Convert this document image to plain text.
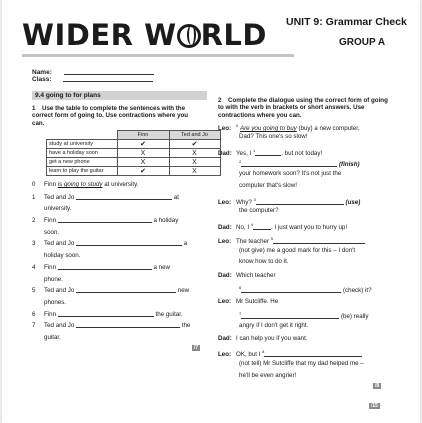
WIDER W RLD UNIT 9: Grammar Check
GROUP A
Name:
Class:
9.4 going to for plans
1 Use the table to complete the sentences with the correct form of going to. Use contractions where you can.
	Finn	Ted and Jo
study at university	✔	✔
have a holiday soon	X	X
get a new phone	X	X
learn to play the guitar	✔	X
0 Finn is going to study at university.
1 Ted and Jo	at
university.
2 Finn	a holiday
soon.
3 Ted and Jo	a
holiday soon.
4 Finn	a new
phone.
5 Ted and Jo	new
phones.
6 Finn	the guitar.
7 Ted and Jo	the
guitar.
/7
2 Complete the dialogue using the correct form of going to with the verb in brackets or short answers. Use contractions where you can.
Leo: $^0$ Are you going to buy (buy) a new computer,
Dad? This one's so slow!
Dad: Yes, I $^1$	, but not today!
$^2$	(finish)
your homework soon? It's not just the
computer that's slow!
Leo: Why? $^3$	(use)
the computer?
Dad: No, I $^4$	. I just want you to hurry up!
Leo: The teacher $^5$
(not give) me a good mark for this – I don't
know how to do it.
Dad: Which teacher
$^6$	(check) it?
Leo: Mr Sutcliffe. He
$^7$	(be) really
angry if I don't get it right.
Dad: I can help you if you want.
Leo: OK, but I $^8$
(not tell) Mr Sutcliffe that my dad helped me –
he'll be even angrier!
/8
/15
